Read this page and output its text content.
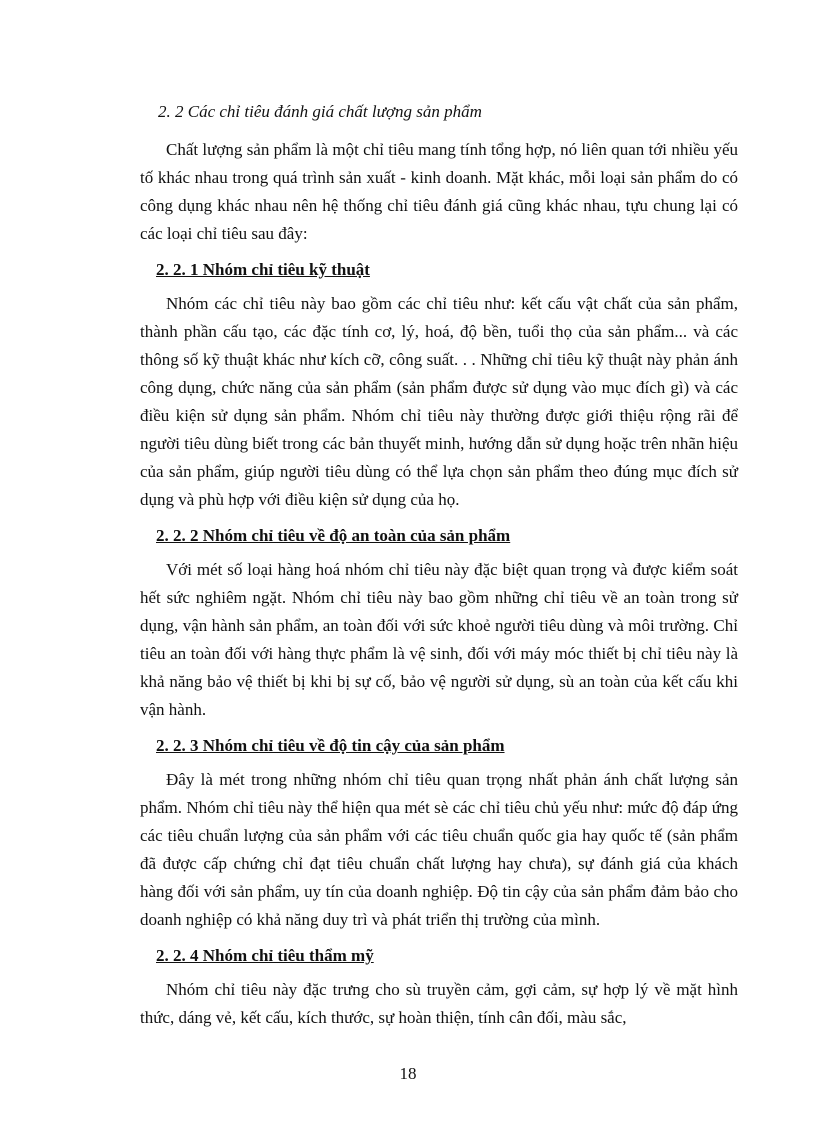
2. 2 Các chỉ tiêu đánh giá chất lượng sản phẩm

Chất lượng sản phẩm là một chỉ tiêu mang tính tổng hợp, nó liên quan tới nhiều yếu tố khác nhau trong quá trình sản xuất - kinh doanh. Mặt khác, mỗi loại sản phẩm do có công dụng khác nhau nên hệ thống chỉ tiêu đánh giá cũng khác nhau, tựu chung lại có các loại chỉ tiêu sau đây:

2. 2. 1 Nhóm chỉ tiêu kỹ thuật

Nhóm các chỉ tiêu này bao gồm các chỉ tiêu như: kết cấu vật chất của sản phẩm, thành phần cấu tạo, các đặc tính cơ, lý, hoá, độ bền, tuổi thọ của sản phẩm... và các thông số kỹ thuật khác như kích cỡ, công suất. . . Những chỉ tiêu kỹ thuật này phản ánh công dụng, chức năng của sản phẩm (sản phẩm được sử dụng vào mục đích gì) và các điều kiện sử dụng sản phẩm. Nhóm chỉ tiêu này thường được giới thiệu rộng rãi để người tiêu dùng biết trong các bản thuyết minh, hướng dẫn sử dụng hoặc trên nhãn hiệu của sản phẩm, giúp người tiêu dùng có thể lựa chọn sản phẩm theo đúng mục đích sử dụng và phù hợp với điều kiện sử dụng của họ.

2. 2. 2 Nhóm chỉ tiêu về độ an toàn của sản phẩm

Với mét số loại hàng hoá nhóm chỉ tiêu này đặc biệt quan trọng và được kiểm soát hết sức nghiêm ngặt. Nhóm chỉ tiêu này bao gồm những chỉ tiêu về an toàn trong sử dụng, vận hành sản phẩm, an toàn đối với sức khoẻ người tiêu dùng và môi trường. Chỉ tiêu an toàn đối với hàng thực phẩm là vệ sinh, đối với máy móc thiết bị chỉ tiêu này là khả năng bảo vệ thiết bị khi bị sự cố, bảo vệ người sử dụng, sù an toàn của kết cấu khi vận hành.

2. 2. 3 Nhóm chỉ tiêu về độ tin cậy của sản phẩm

Đây là mét trong những nhóm chỉ tiêu quan trọng nhất phản ánh chất lượng sản phẩm. Nhóm chỉ tiêu này thể hiện qua mét sè các chỉ tiêu chủ yếu như: mức độ đáp ứng các tiêu chuẩn lượng của sản phẩm với các tiêu chuẩn quốc gia hay quốc tế (sản phẩm đã được cấp chứng chỉ đạt tiêu chuẩn chất lượng hay chưa), sự đánh giá của khách hàng đối với sản phẩm, uy tín của doanh nghiệp. Độ tin cậy của sản phẩm đảm bảo cho doanh nghiệp có khả năng duy trì và phát triển thị trường của mình.

2. 2. 4 Nhóm chỉ tiêu thẩm mỹ

Nhóm chỉ tiêu này đặc trưng cho sù truyền cảm, gợi cảm, sự hợp lý về mặt hình thức, dáng vẻ, kết cấu, kích thước, sự hoàn thiện, tính cân đối, màu sắc,

18
